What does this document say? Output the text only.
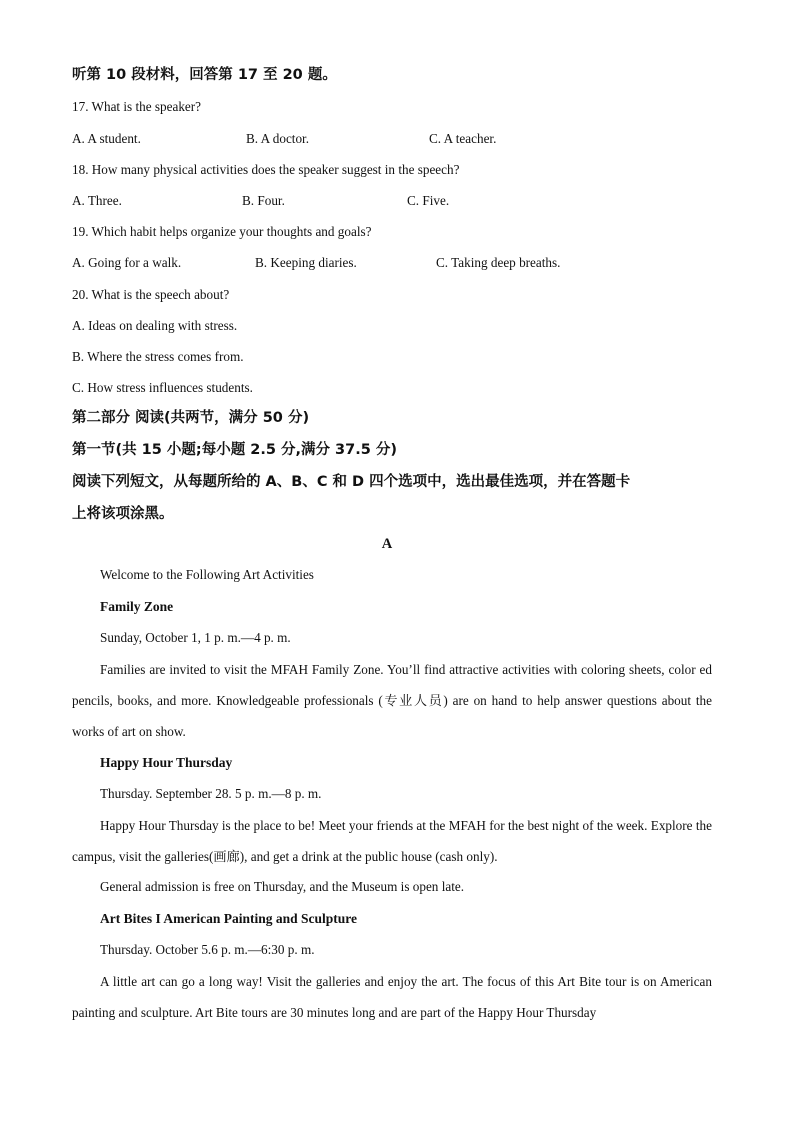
听第 10 段材料，回答第 17 至 20 题。
17. What is the speaker?
A. A student.	B. A doctor.	C. A teacher.
18. How many physical activities does the speaker suggest in the speech?
A. Three.	B. Four.	C. Five.
19. Which habit helps organize your thoughts and goals?
A. Going for a walk.	B. Keeping diaries.	C. Taking deep breaths.
20. What is the speech about?
A. Ideas on dealing with stress.
B. Where the stress comes from.
C. How stress influences students.
第二部分 阅读(共两节，满分 50 分)
第一节(共 15 小题;每小题 2.5 分,满分 37.5 分)
阅读下列短文，从每题所给的 A、B、C 和 D 四个选项中，选出最佳选项，并在答题卡
上将该项涂黑。
A
Welcome to the Following Art Activities
Family Zone
Sunday, October 1, 1 p. m.—4 p. m.
Families are invited to visit the MFAH Family Zone. You’ll find attractive activities with coloring sheets, color ed pencils, books, and more. Knowledgeable professionals (专业人员) are on hand to help answer questions about the works of art on show.
Happy Hour Thursday
Thursday. September 28. 5 p. m.—8 p. m.
Happy Hour Thursday is the place to be! Meet your friends at the MFAH for the best night of the week. Explore the campus, visit the galleries(画廊), and get a drink at the public house (cash only).
General admission is free on Thursday, and the Museum is open late.
Art Bites I American Painting and Sculpture
Thursday. October 5.6 p. m.—6:30 p. m.
A little art can go a long way! Visit the galleries and enjoy the art. The focus of this Art Bite tour is on American painting and sculpture. Art Bite tours are 30 minutes long and are part of the Happy Hour Thursday
